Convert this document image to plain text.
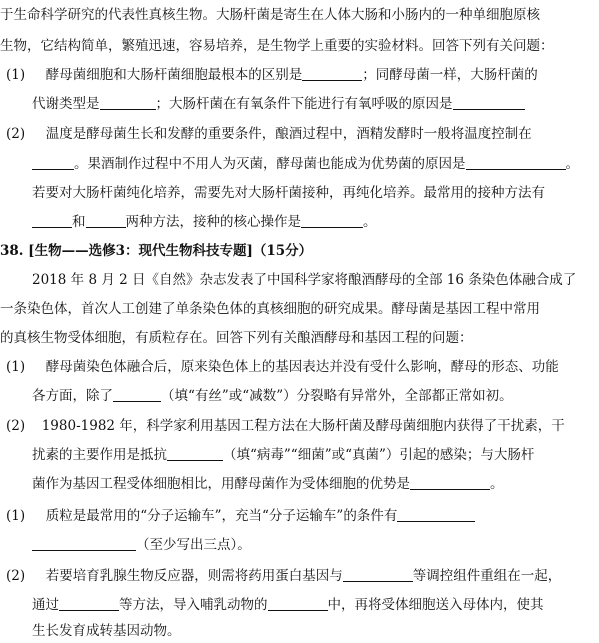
于生命科学研究的代表性真核生物。大肠杆菌是寄生在人体大肠和小肠内的一种单细胞原核
生物，它结构简单，繁殖迅速，容易培养，是生物学上重要的实验材料。回答下列有关问题：
(1) 酵母菌细胞和大肠杆菌细胞最根本的区别是	；同酵母菌一样，大肠杆菌的
代谢类型是	；大肠杆菌在有氧条件下能进行有氧呼吸的原因是
(2) 温度是酵母菌生长和发酵的重要条件，酿酒过程中，酒精发酵时一般将温度控制在
。果酒制作过程中不用人为灭菌，酵母菌也能成为优势菌的原因是	。
若要对大肠杆菌纯化培养，需要先对大肠杆菌接种，再纯化培养。最常用的接种方法有
和	两种方法，接种的核心操作是	。
38. [生物——选修3：现代生物科技专题]（15分）
2018 年 8 月 2 日《自然》杂志发表了中国科学家将酿酒酵母的全部 16 条染色体融合成了
一条染色体，首次人工创建了单条染色体的真核细胞的研究成果。酵母菌是基因工程中常用
的真核生物受体细胞，有质粒存在。回答下列有关酿酒酵母和基因工程的问题：
(1) 酵母菌染色体融合后，原来染色体上的基因表达并没有受什么影响，酵母的形态、功能
各方面，除了	（填“有丝”或“减数”）分裂略有异常外，全部都正常如初。
(2) 1980-1982 年，科学家利用基因工程方法在大肠杆菌及酵母菌细胞内获得了干扰素，干
扰素的主要作用是抵抗	（填“病毒”“细菌”或“真菌”）引起的感染；与大肠杆
菌作为基因工程受体细胞相比，用酵母菌作为受体细胞的优势是	。
(1) 质粒是最常用的“分子运输车”，充当“分子运输车”的条件有
（至少写出三点）。
(2) 若要培育乳腺生物反应器，则需将药用蛋白基因与	等调控组件重组在一起，
通过	等方法，导入哺乳动物的	中，再将受体细胞送入母体内，使其
生长发育成转基因动物。
